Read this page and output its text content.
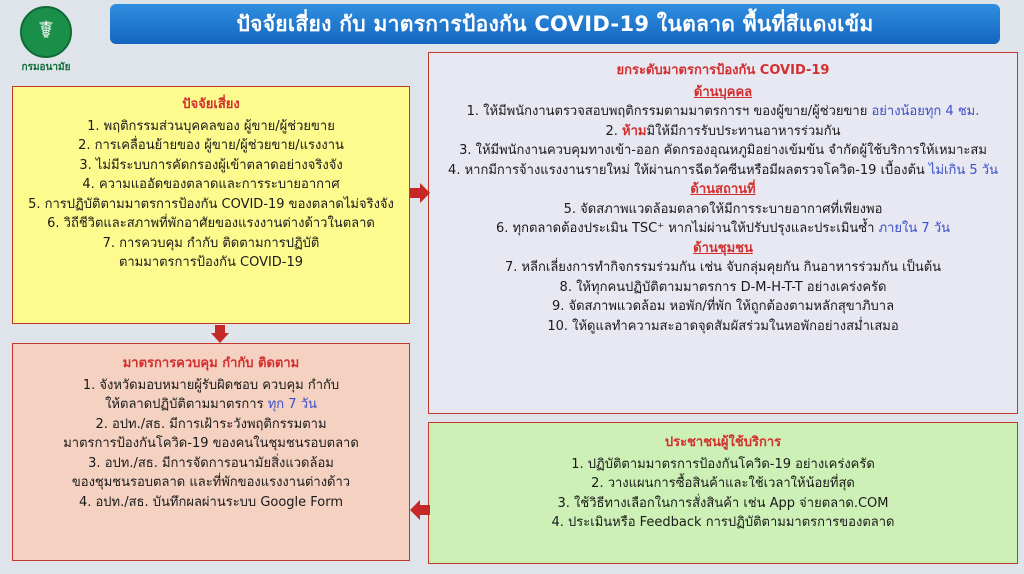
☤
กรมอนามัย
ปัจจัยเสี่ยง กับ มาตรการป้องกัน COVID-19 ในตลาด พื้นที่สีแดงเข้ม
ปัจจัยเสี่ยง
1. พฤติกรรมส่วนบุคคลของ ผู้ขาย/ผู้ช่วยขาย
2. การเคลื่อนย้ายของ ผู้ขาย/ผู้ช่วยขาย/แรงงาน
3. ไม่มีระบบการคัดกรองผู้เข้าตลาดอย่างจริงจัง
4. ความแออัดของตลาดและการระบายอากาศ
5. การปฏิบัติตามมาตรการป้องกัน COVID-19 ของตลาดไม่จริงจัง
6. วิถีชีวิตและสภาพที่พักอาศัยของแรงงานต่างด้าวในตลาด
7. การควบคุม กำกับ ติดตามการปฏิบัติ
ตามมาตรการป้องกัน COVID-19
มาตรการควบคุม กำกับ ติดตาม
1. จังหวัดมอบหมายผู้รับผิดชอบ ควบคุม กำกับ
ให้ตลาดปฏิบัติตามมาตรการ ทุก 7 วัน
2. อปท./สธ. มีการเฝ้าระวังพฤติกรรมตาม
มาตรการป้องกันโควิด-19 ของคนในชุมชนรอบตลาด
3. อปท./สธ. มีการจัดการอนามัยสิ่งแวดล้อม
ของชุมชนรอบตลาด และที่พักของแรงงานต่างด้าว
4. อปท./สธ. บันทึกผลผ่านระบบ Google Form
ยกระดับมาตรการป้องกัน COVID-19
ด้านบุคคล
1. ให้มีพนักงานตรวจสอบพฤติกรรมตามมาตรการฯ ของผู้ขาย/ผู้ช่วยขาย อย่างน้อยทุก 4 ชม.
2. ห้ามมิให้มีการรับประทานอาหารร่วมกัน
3. ให้มีพนักงานควบคุมทางเข้า-ออก คัดกรองอุณหภูมิอย่างเข้มข้น จำกัดผู้ใช้บริการให้เหมาะสม
4. หากมีการจ้างแรงงานรายใหม่ ให้ผ่านการฉีดวัคซีนหรือมีผลตรวจโควิด-19 เบื้องต้น ไม่เกิน 5 วัน
ด้านสถานที่
5. จัดสภาพแวดล้อมตลาดให้มีการระบายอากาศที่เพียงพอ
6. ทุกตลาดต้องประเมิน TSC⁺ หากไม่ผ่านให้ปรับปรุงและประเมินซ้ำ ภายใน 7 วัน
ด้านชุมชน
7. หลีกเลี่ยงการทำกิจกรรมร่วมกัน เช่น จับกลุ่มคุยกัน กินอาหารร่วมกัน เป็นต้น
8. ให้ทุกคนปฏิบัติตามมาตรการ D-M-H-T-T อย่างเคร่งครัด
9. จัดสภาพแวดล้อม หอพัก/ที่พัก ให้ถูกต้องตามหลักสุขาภิบาล
10. ให้ดูแลทำความสะอาดจุดสัมผัสร่วมในหอพักอย่างสม่ำเสมอ
ประชาชนผู้ใช้บริการ
1. ปฏิบัติตามมาตรการป้องกันโควิด-19 อย่างเคร่งครัด
2. วางแผนการซื้อสินค้าและใช้เวลาให้น้อยที่สุด
3. ใช้วิธีทางเลือกในการสั่งสินค้า เช่น App จ่ายตลาด.COM
4. ประเมินหรือ Feedback การปฏิบัติตามมาตรการของตลาด
